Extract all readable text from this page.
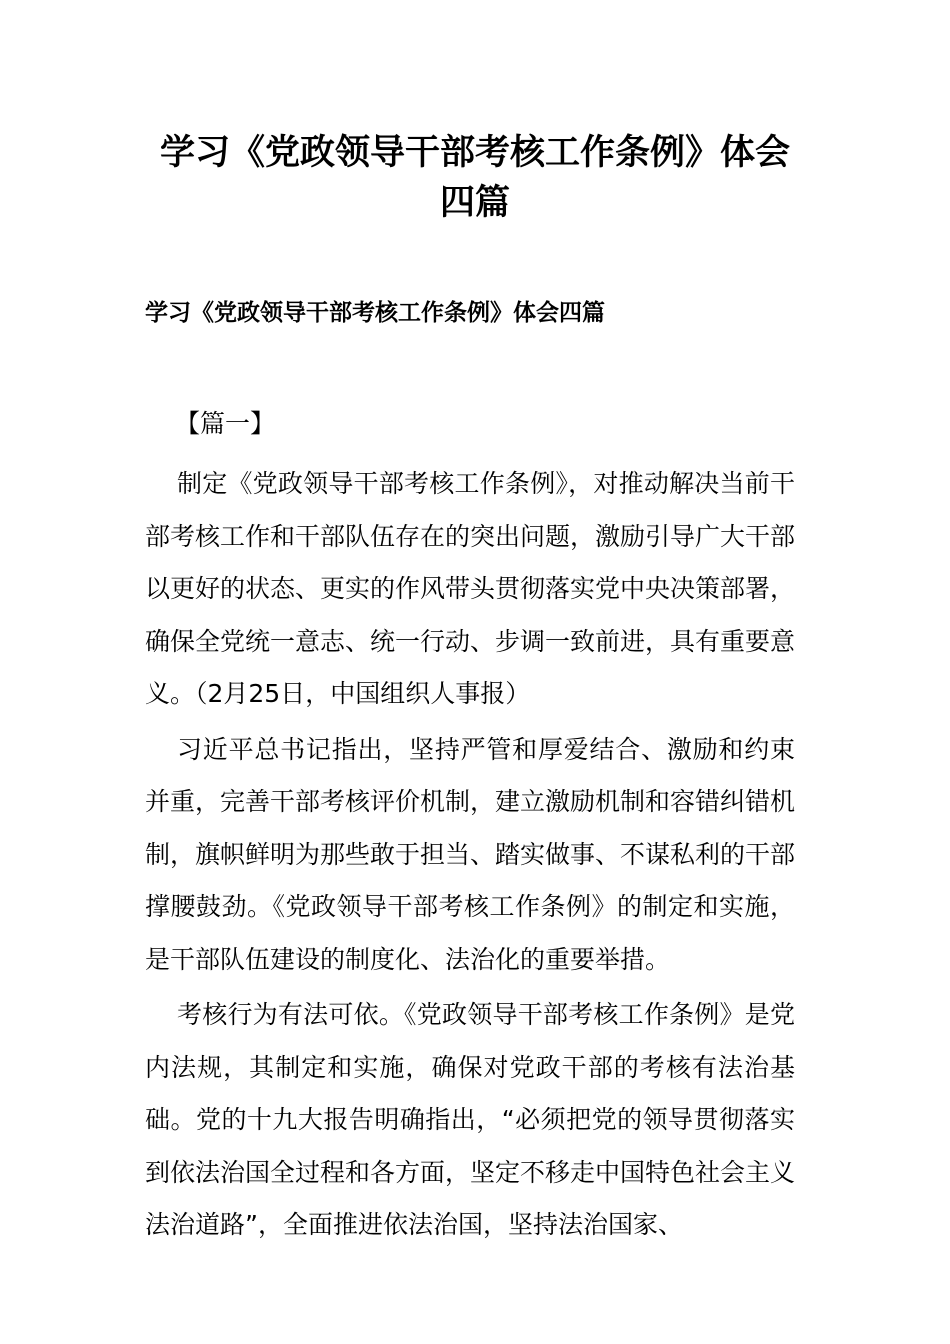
学习《党政领导干部考核工作条例》体会四篇
学习《党政领导干部考核工作条例》体会四篇
【篇一】

制定《党政领导干部考核工作条例》，对推动解决当前干部考核工作和干部队伍存在的突出问题，激励引导广大干部以更好的状态、更实的作风带头贯彻落实党中央决策部署，确保全党统一意志、统一行动、步调一致前进，具有重要意义。（2月25日，中国组织人事报）

习近平总书记指出，坚持严管和厚爱结合、激励和约束并重，完善干部考核评价机制，建立激励机制和容错纠错机制，旗帜鲜明为那些敢于担当、踏实做事、不谋私利的干部撑腰鼓劲。《党政领导干部考核工作条例》的制定和实施，是干部队伍建设的制度化、法治化的重要举措。

考核行为有法可依。《党政领导干部考核工作条例》是党内法规，其制定和实施，确保对党政干部的考核有法治基础。党的十九大报告明确指出，“必须把党的领导贯彻落实到依法治国全过程和各方面，坚定不移走中国特色社会主义法治道路”，全面推进依法治国，坚持法治国家、
